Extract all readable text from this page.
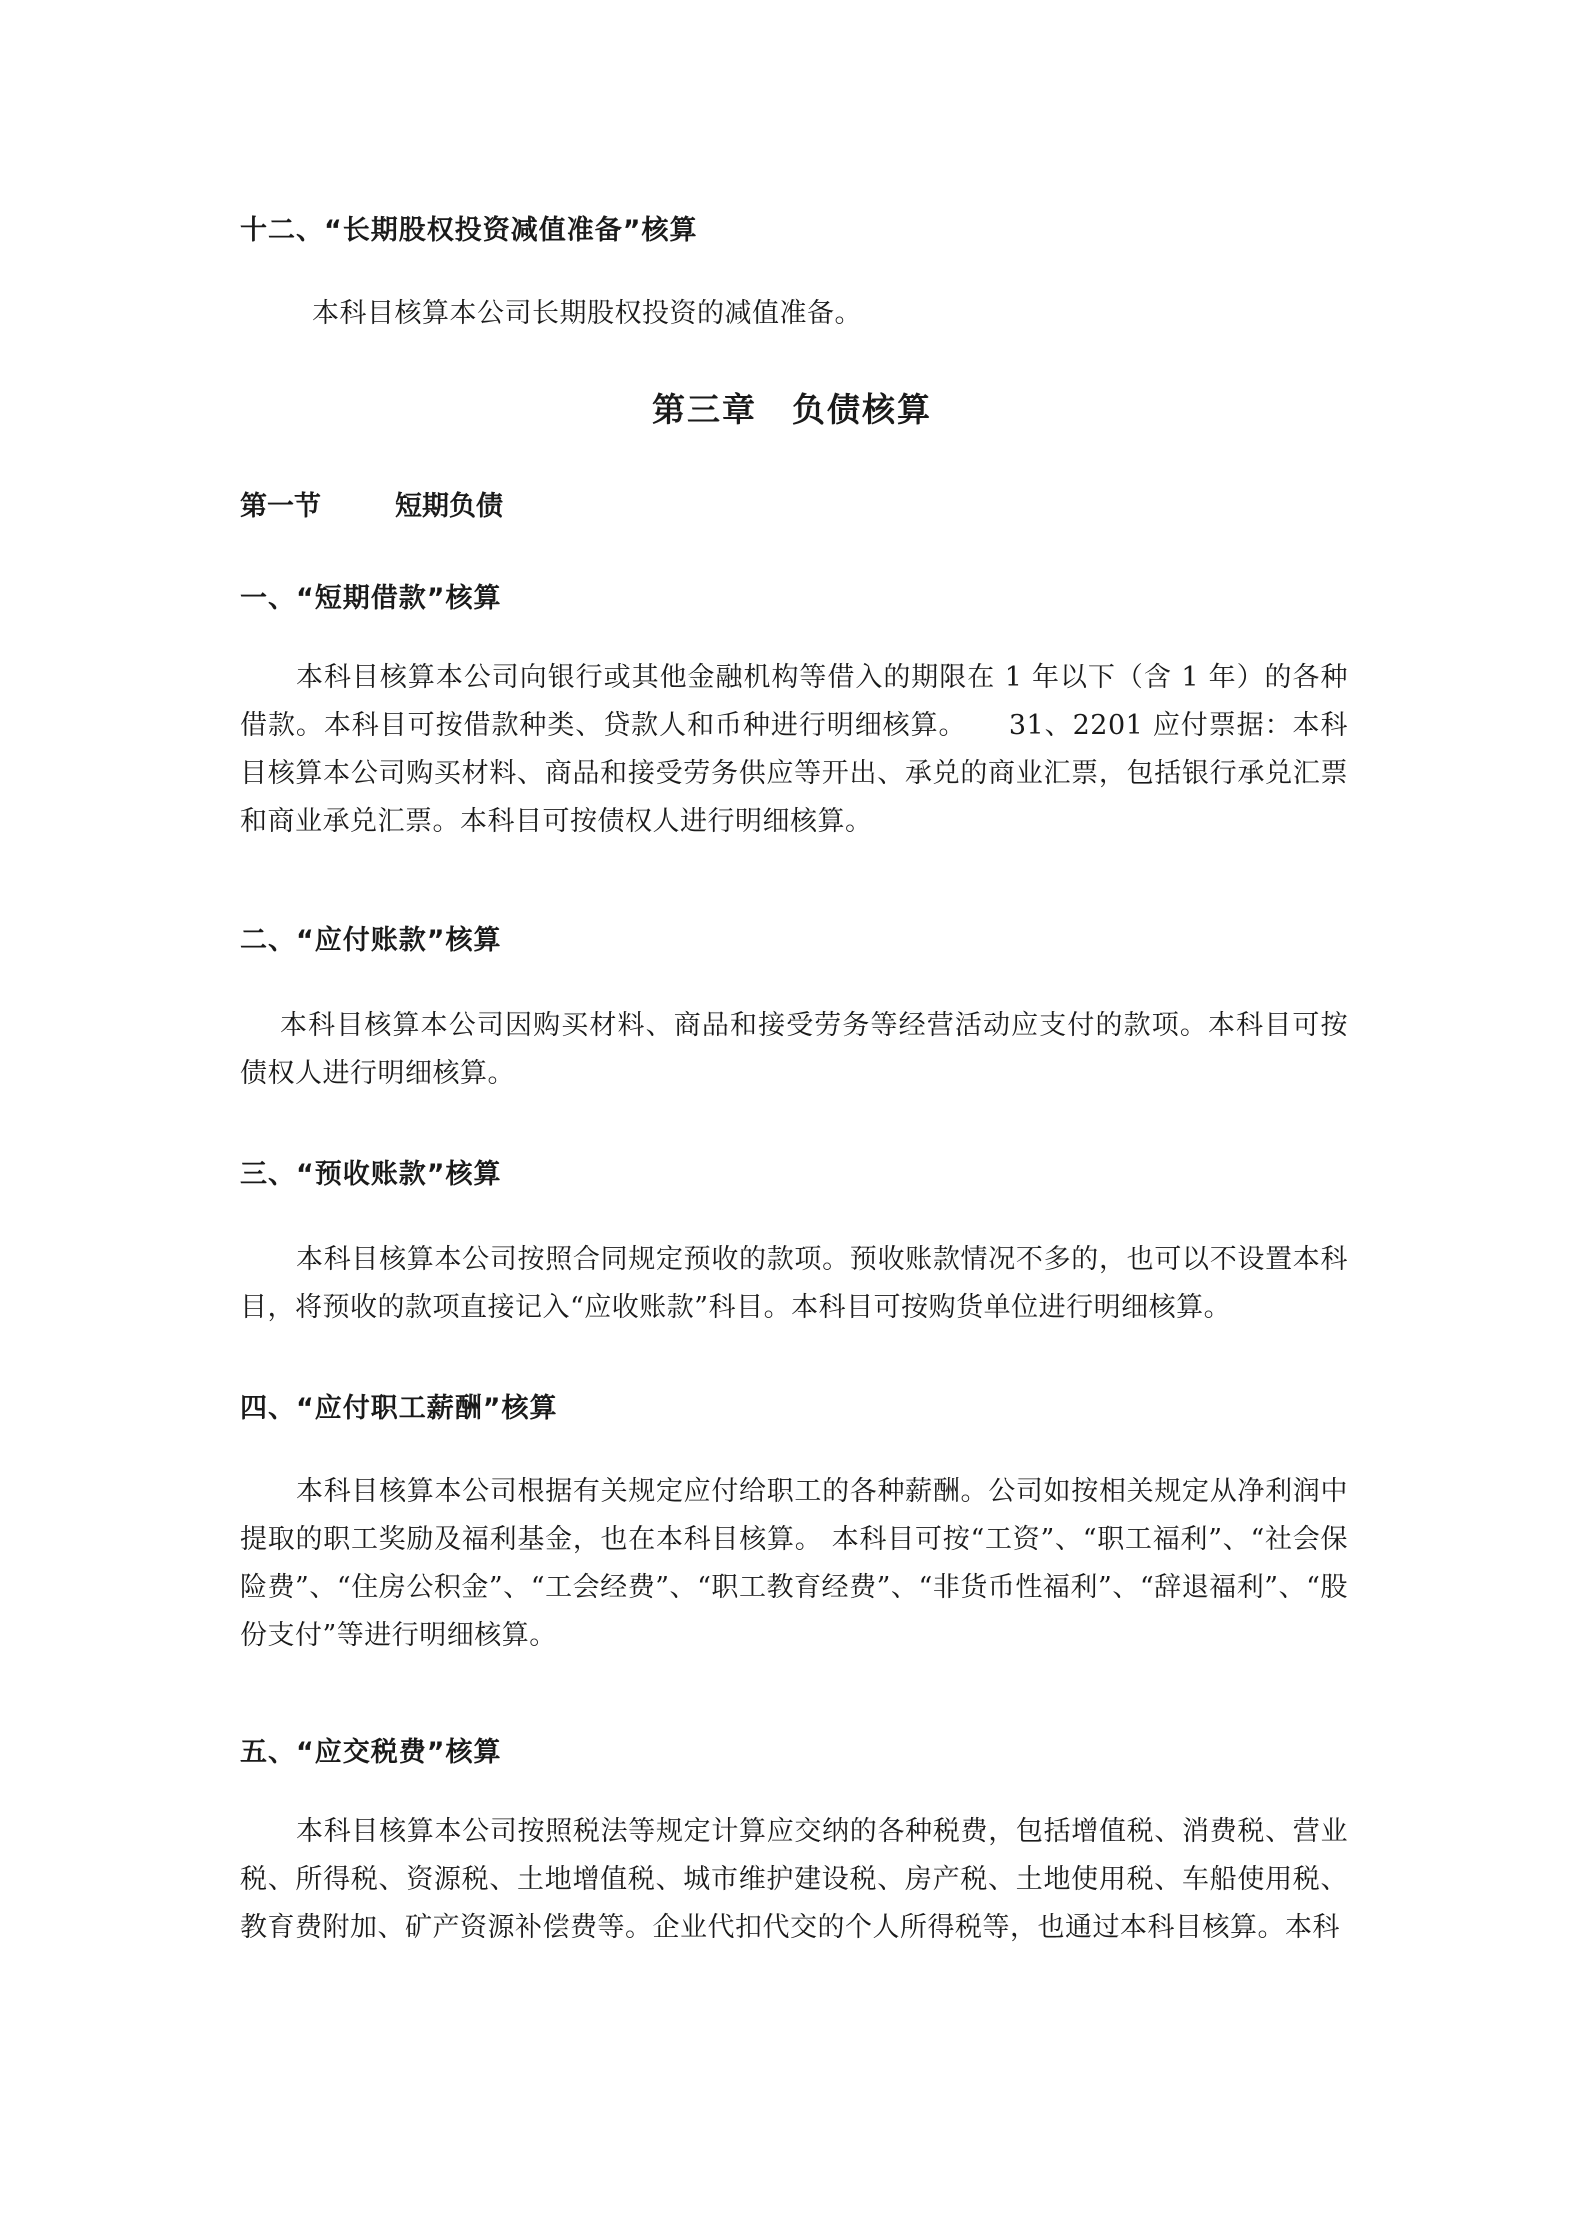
十二、“长期股权投资减值准备”核算
本科目核算本公司长期股权投资的减值准备。
第三章　负债核算
第一节	短期负债
一、“短期借款”核算
本科目核算本公司向银行或其他金融机构等借入的期限在 1 年以下（含 1 年）的各种借款。本科目可按借款种类、贷款人和币种进行明细核算。　　31、2201 应付票据：本科目核算本公司购买材料、商品和接受劳务供应等开出、承兑的商业汇票，包括银行承兑汇票和商业承兑汇票。本科目可按债权人进行明细核算。
二、“应付账款”核算
本科目核算本公司因购买材料、商品和接受劳务等经营活动应支付的款项。本科目可按债权人进行明细核算。
三、“预收账款”核算
本科目核算本公司按照合同规定预收的款项。预收账款情况不多的，也可以不设置本科目，将预收的款项直接记入“应收账款”科目。本科目可按购货单位进行明细核算。
四、“应付职工薪酬”核算
本科目核算本公司根据有关规定应付给职工的各种薪酬。公司如按相关规定从净利润中提取的职工奖励及福利基金，也在本科目核算。 本科目可按“工资”、“职工福利”、“社会保险费”、“住房公积金”、“工会经费”、“职工教育经费”、“非货币性福利”、“辞退福利”、“股份支付”等进行明细核算。
五、“应交税费”核算
本科目核算本公司按照税法等规定计算应交纳的各种税费，包括增值税、消费税、营业税、所得税、资源税、土地增值税、城市维护建设税、房产税、土地使用税、车船使用税、教育费附加、矿产资源补偿费等。企业代扣代交的个人所得税等，也通过本科目核算。本科
